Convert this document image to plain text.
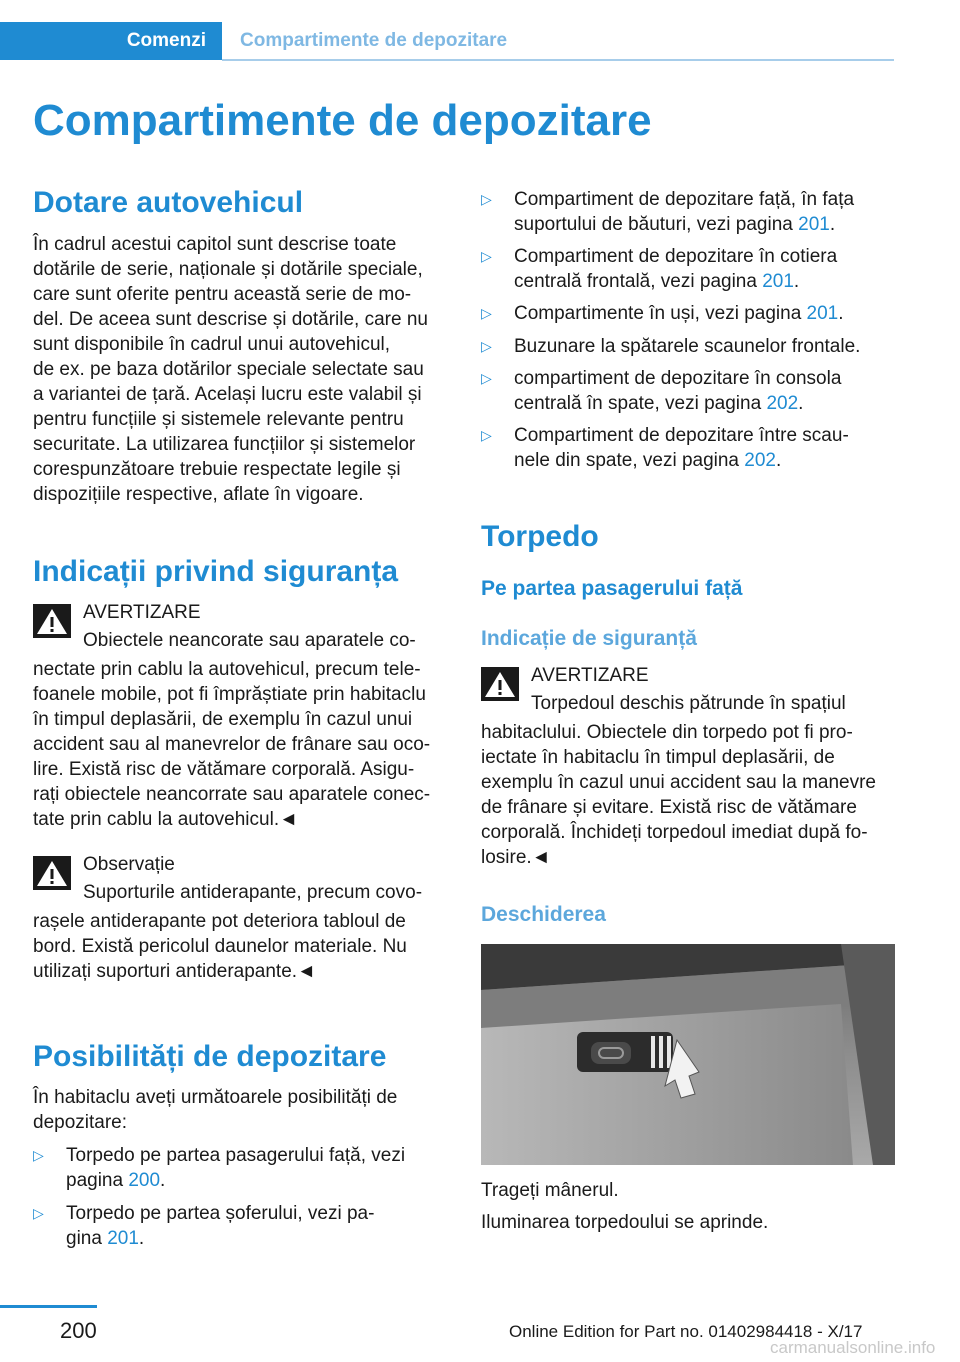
Comenzi	Compartimente de depozitare
Compartimente de depozitare
Dotare autovehicul
În cadrul acestui capitol sunt descrise toate
dotările de serie, naționale și dotările speciale,
care sunt oferite pentru această serie de mo-
del. De aceea sunt descrise și dotările, care nu
sunt disponibile în cadrul unui autovehicul,
de ex. pe baza dotărilor speciale selectate sau
a variantei de țară. Același lucru este valabil și
pentru funcțiile și sistemele relevante pentru
securitate. La utilizarea funcțiilor și sistemelor
corespunzătoare trebuie respectate legile și
dispozițiile respective, aflate în vigoare.
Indicații privind siguranța
AVERTIZARE
Obiectele neancorate sau aparatele co-
nectate prin cablu la autovehicul, precum tele-
foanele mobile, pot fi împrăștiate prin habitaclu
în timpul deplasării, de exemplu în cazul unui
accident sau al manevrelor de frânare sau oco-
lire. Există risc de vătămare corporală. Asigu-
rați obiectele neancorrate sau aparatele conec-
tate prin cablu la autovehicul.◄
Observație
Suporturile antiderapante, precum covo-
rașele antiderapante pot deteriora tabloul de
bord. Există pericolul daunelor materiale. Nu
utilizați suporturi antiderapante.◄
Posibilități de depozitare
În habitaclu aveți următoarele posibilități de
depozitare:
▷ Torpedo pe partea pasagerului față, vezi
pagina 200.
▷ Torpedo pe partea șoferului, vezi pa-
gina 201.
▷ Compartiment de depozitare față, în fața
suportului de băuturi, vezi pagina 201.
▷ Compartiment de depozitare în cotiera
centrală frontală, vezi pagina 201.
▷ Compartimente în uși, vezi pagina 201.
▷ Buzunare la spătarele scaunelor frontale.
▷ compartiment de depozitare în consola
centrală în spate, vezi pagina 202.
▷ Compartiment de depozitare între scau-
nele din spate, vezi pagina 202.
Torpedo
Pe partea pasagerului față
Indicație de siguranță
AVERTIZARE
Torpedoul deschis pătrunde în spațiul
habitaclului. Obiectele din torpedo pot fi pro-
iectate în habitaclu în timpul deplasării, de
exemplu în cazul unui accident sau la manevre
de frânare și evitare. Există risc de vătămare
corporală. Închideți torpedoul imediat după fo-
losire.◄
Deschiderea
Trageți mânerul.
Iluminarea torpedoului se aprinde.
200	Online Edition for Part no. 01402984418 - X/17
carmanualsonline.info
